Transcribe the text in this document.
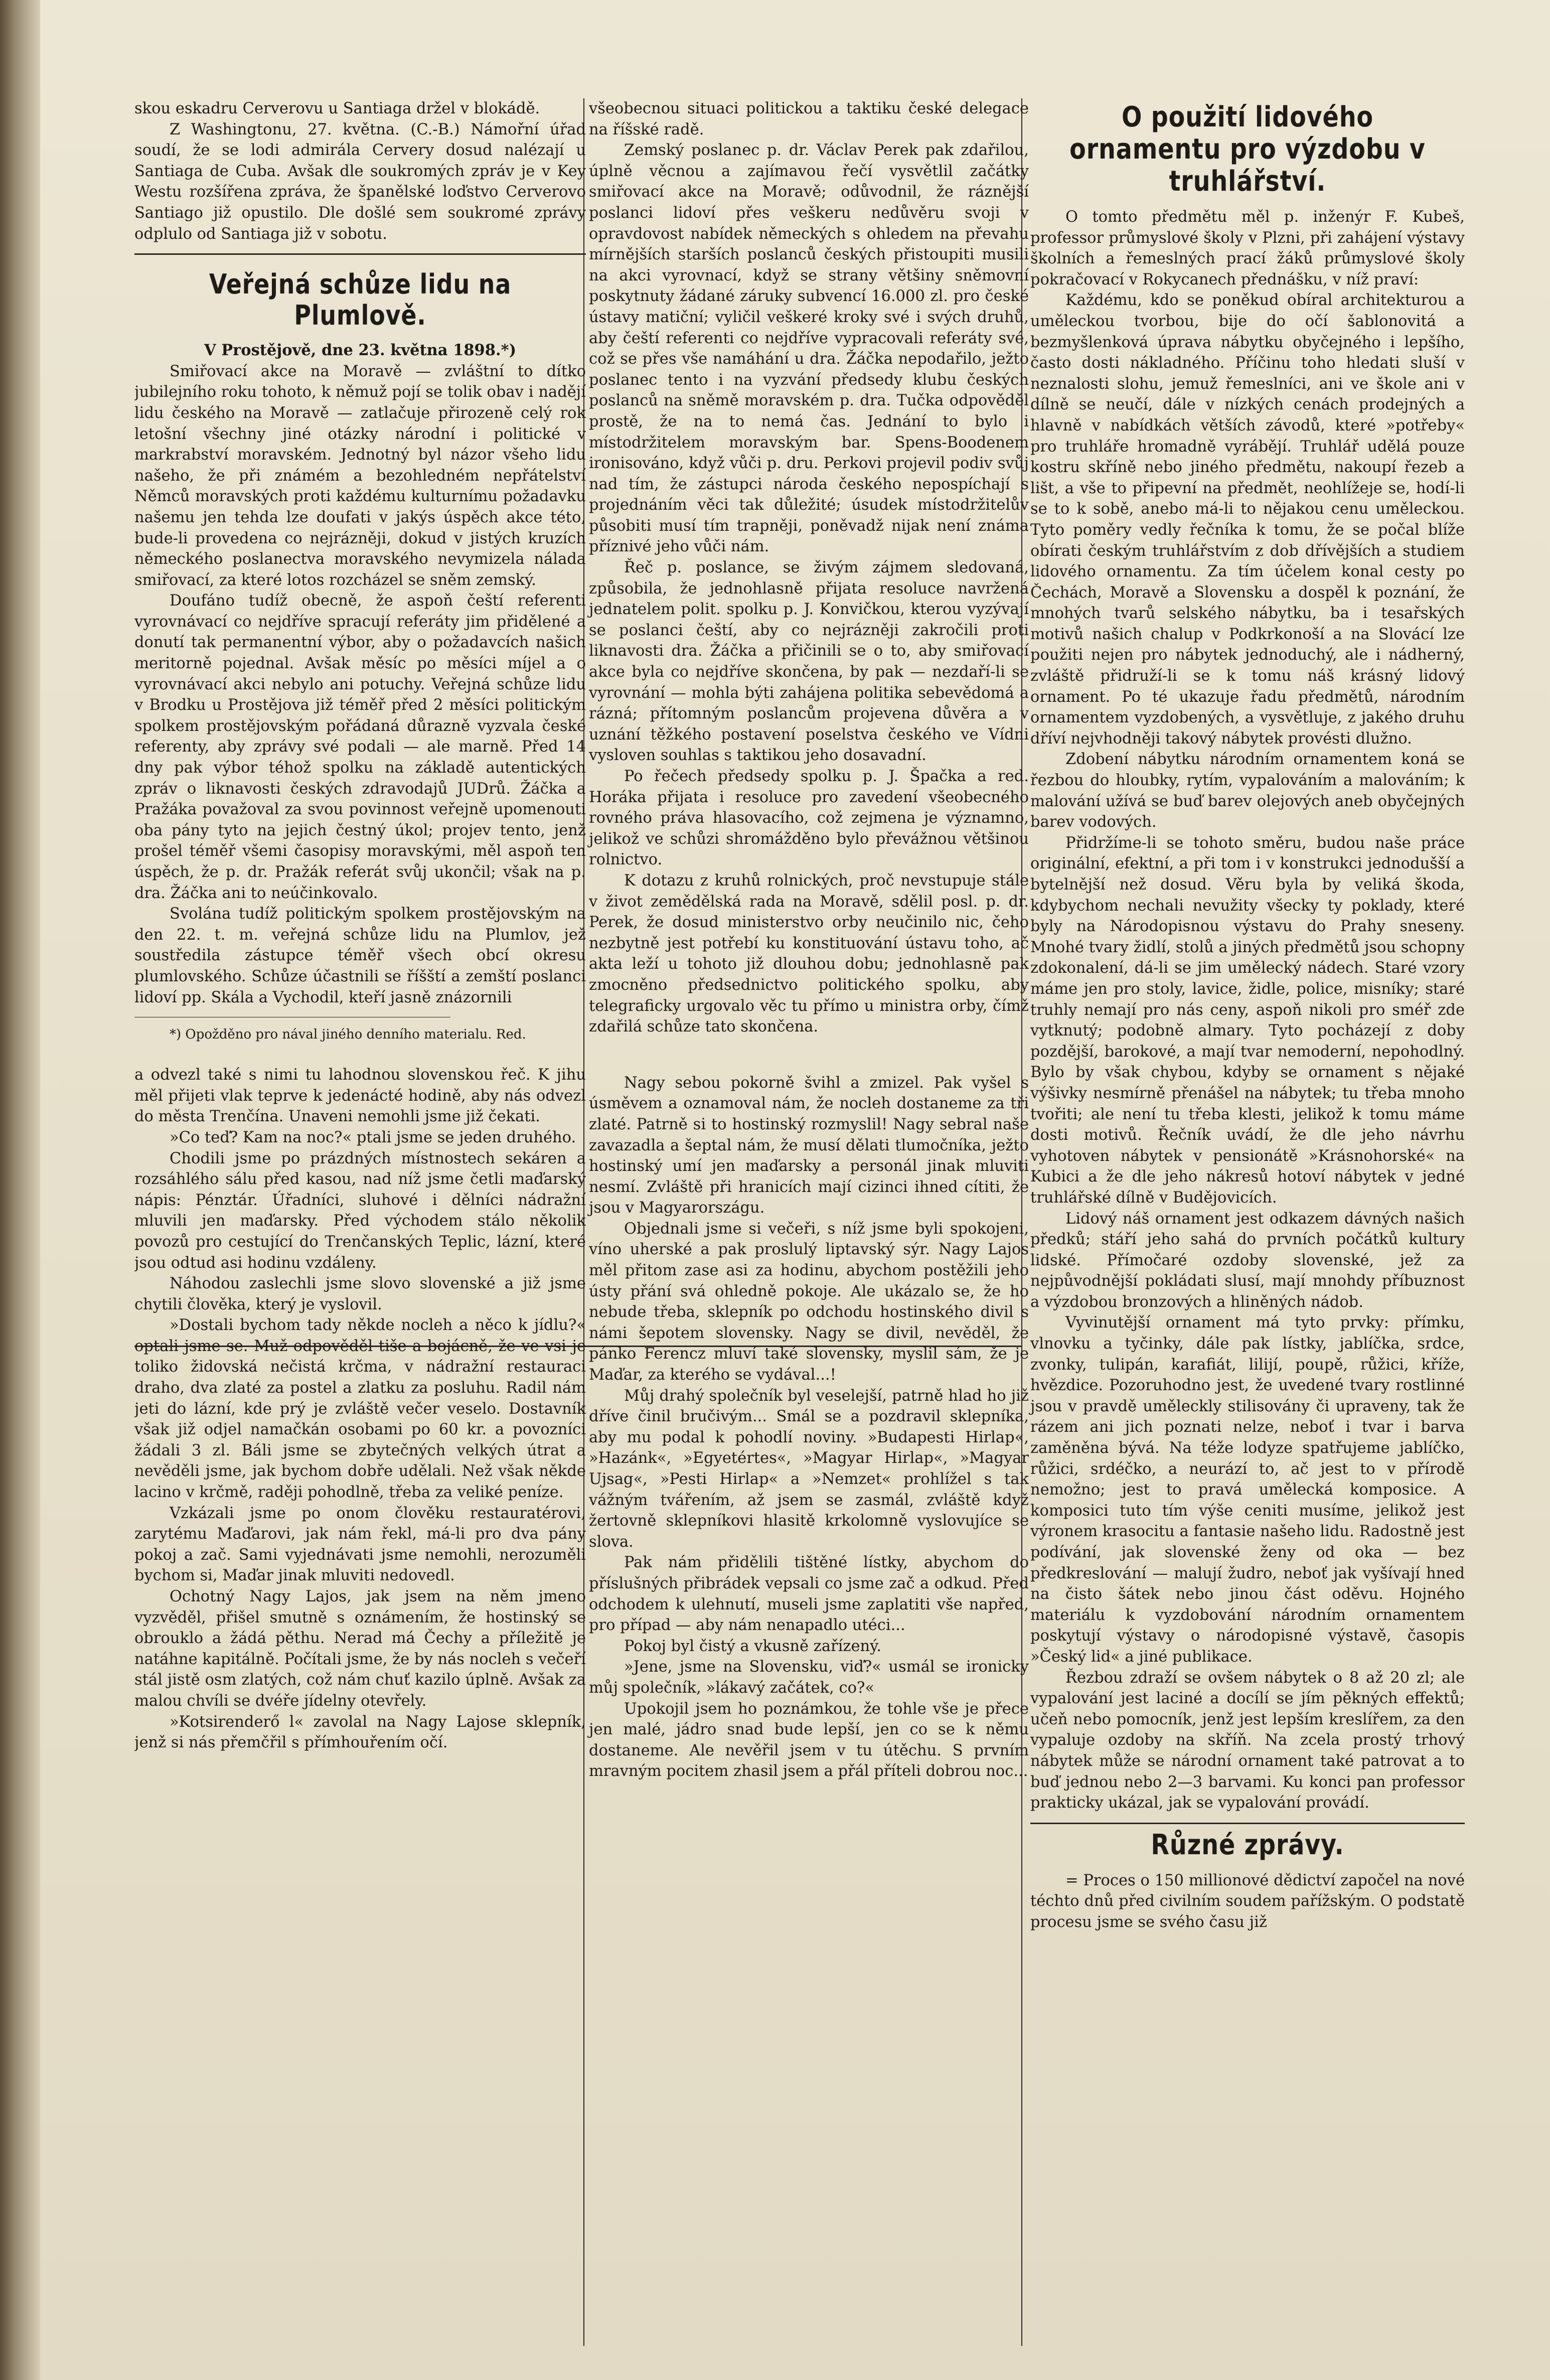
skou eskadru Cerverovu u Santiaga držel v blokádě.

Z Washingtonu, 27. května. (C.-B.) Námořní úřad soudí, že se lodi admirála Cervery dosud nalézají u Santiaga de Cuba. Avšak dle soukromých zpráv je v Key Westu rozšířena zpráva, že španělské loďstvo Cerverovo Santiago již opustilo. Dle došlé sem soukromé zprávy odplulo od Santiaga již v sobotu.

Veřejná schůze lidu na Plumlově.

V Prostějově, dne 23. května 1898.*)

Smiřovací akce na Moravě — zvláštní to dítko jubilejního roku tohoto, k němuž pojí se tolik obav i nadějí lidu českého na Moravě — zatlačuje přirozeně celý rok letošní všechny jiné otázky národní i politické v markrabství moravském. Jednotný byl názor všeho lidu našeho, že při známém a bezohledném nepřátelství Němců moravských proti každému kulturnímu požadavku našemu jen tehda lze doufati v jakýs úspěch akce této, bude-li provedena co nejrázněji, dokud v jistých kruzích německého poslanectva moravského nevymizela nálada smiřovací, za které lotos rozcházel se sněm zemský.

Doufáno tudíž obecně, že aspoň čeští referenti vyrovnávací co nejdříve spracují referáty jim přidělené a donutí tak permanentní výbor, aby o požadavcích našich meritorně pojednal. Avšak měsíc po měsíci míjel a o vyrovnávací akci nebylo ani potuchy. Veřejná schůze lidu v Brodku u Prostějova již téměř před 2 měsíci politickým spolkem prostějovským pořádaná důrazně vyzvala české referenty, aby zprávy své podali — ale marně. Před 14 dny pak výbor téhož spolku na základě autentických zpráv o liknavosti českých zdravodajů JUDrů. Žáčka a Pražáka považoval za svou povinnost veřejně upomenouti oba pány tyto na jejich čestný úkol; projev tento, jenž prošel téměř všemi časopisy moravskými, měl aspoň ten úspěch, že p. dr. Pražák referát svůj ukončil; však na p. dra. Žáčka ani to neúčinkovalo.

Svolána tudíž politickým spolkem prostějovským na den 22. t. m. veřejná schůze lidu na Plumlov, jež soustředila zástupce téměř všech obcí okresu plumlovského. Schůze účastnili se říšští a zemští poslanci lidoví pp. Skála a Vychodil, kteří jasně znázornili

*) Opožděno pro nával jiného denního materialu. Red.

a odvezl také s nimi tu lahodnou slovenskou řeč. K jihu měl přijeti vlak teprve k jedenácté hodině, aby nás odvezl do města Trenčína. Unaveni nemohli jsme již čekati.

»Co teď? Kam na noc?« ptali jsme se jeden druhého.

Chodili jsme po prázdných místnostech sekáren a rozsáhlého sálu před kasou, nad níž jsme četli maďarský nápis: Pénztár. Úřadníci, sluhové i dělníci nádražní mluvili jen maďarsky. Před východem stálo několik povozů pro cestující do Trenčanských Teplic, lázní, které jsou odtud asi hodinu vzdáleny.

Náhodou zaslechli jsme slovo slovenské a již jsme chytili člověka, který je vyslovil.

»Dostali bychom tady někde nocleh a něco k jídlu?« optali jsme se. Muž odpověděl tiše a bojácně, že ve vsi je toliko židovská nečistá krčma, v nádražní restauraci draho, dva zlaté za postel a zlatku za posluhu. Radil nám jeti do lázní, kde prý je zvláště večer veselo. Dostavník však již odjel namačkán osobami po 60 kr. a povozníci žádali 3 zl. Báli jsme se zbytečných velkých útrat a nevěděli jsme, jak bychom dobře udělali. Než však někde lacino v krčmě, raději pohodlně, třeba za veliké peníze.

Vzkázali jsme po onom člověku restauratérovi, zarytému Maďarovi, jak nám řekl, má-li pro dva pány pokoj a zač. Sami vyjednávati jsme nemohli, nerozuměli bychom si, Maďar jinak mluviti nedovedl.

Ochotný Nagy Lajos, jak jsem na něm jmeno vyzvěděl, přišel smutně s oznámením, že hostinský se obrouklo a žádá pěthu. Nerad má Čechy a příležitě je natáhne kapitálně. Počítali jsme, že by nás nocleh s večeří stál jistě osm zlatých, což nám chuť kazilo úplně. Avšak za malou chvíli se dvéře jídelny otevřely.

»Kotsirenderő l« zavolal na Nagy Lajose sklepník, jenž si nás přemčřil s přímhouřením očí.

všeobecnou situaci politickou a taktiku české delegace na říšské radě.

Zemský poslanec p. dr. Václav Perek pak zdařilou, úplně věcnou a zajímavou řečí vysvětlil začátky smiřovací akce na Moravě; odůvodnil, že ráznější poslanci lidoví přes veškeru nedůvěru svoji v opravdovost nabídek německých s ohledem na převahu mírnějších starších poslanců českých přistoupiti musili na akci vyrovnací, když se strany většiny sněmovní poskytnuty žádané záruky subvencí 16.000 zl. pro české ústavy matiční; vyličil veškeré kroky své i svých druhů, aby čeští referenti co nejdříve vypracovali referáty své, což se přes vše namáhání u dra. Žáčka nepodařilo, ježto poslanec tento i na vyzvání předsedy klubu českých poslanců na sněmě moravském p. dra. Tučka odpověděl prostě, že na to nemá čas. Jednání to bylo i místodržitelem moravským bar. Spens-Boodenem ironisováno, když vůči p. dru. Perkovi projevil podiv svůj nad tím, že zástupci národa českého nepospíchají s projednáním věci tak důležité; úsudek místodržitelův působiti musí tím trapněji, poněvadž nijak není známa příznivé jeho vůči nám.

Řeč p. poslance, se živým zájmem sledovaná, způsobila, že jednohlasně přijata resoluce navržená jednatelem polit. spolku p. J. Konvičkou, kterou vyzývají se poslanci čeští, aby co nejrázněji zakročili proti liknavosti dra. Žáčka a přičinili se o to, aby smiřovací akce byla co nejdříve skončena, by pak — nezdaří-li se vyrovnání — mohla býti zahájena politika sebevědomá a rázná; přítomným poslancům projevena důvěra a v uznání těžkého postavení poselstva českého ve Vídni vysloven souhlas s taktikou jeho dosavadní.

Po řečech předsedy spolku p. J. Špačka a red. Horáka přijata i resoluce pro zavedení všeobecného rovného práva hlasovacího, což zejmena je významno, jelikož ve schůzi shromážděno bylo převážnou většinou rolnictvo.

K dotazu z kruhů rolnických, proč nevstupuje stále v život zemědělská rada na Moravě, sdělil posl. p. dr. Perek, že dosud ministerstvo orby neučinilo nic, čeho nezbytně jest potřebí ku konstituování ústavu toho, ač akta leží u tohoto již dlouhou dobu; jednohlasně pak zmocněno předsednictvo politického spolku, aby telegraficky urgovalo věc tu přímo u ministra orby, čímž zdařilá schůze tato skončena.

Nagy sebou pokorně švihl a zmizel. Pak vyšel s úsměvem a oznamoval nám, že nocleh dostaneme za tři zlaté. Patrně si to hostinský rozmyslil! Nagy sebral naše zavazadla a šeptal nám, že musí dělati tlumočníka, ježto hostinský umí jen maďarsky a personál jinak mluviti nesmí. Zvláště při hranicích mají cizinci ihned cítiti, že jsou v Magyarországu.

Objednali jsme si večeři, s níž jsme byli spokojeni, víno uherské a pak proslulý liptavský sýr. Nagy Lajos měl přitom zase asi za hodinu, abychom postěžili jeho ústy přání svá ohledně pokoje. Ale ukázalo se, že ho nebude třeba, sklepník po odchodu hostinského divil s námi šepotem slovensky. Nagy se divil, nevěděl, že pánko Ferencz mluví také slovensky, myslil sám, že je Maďar, za kterého se vydával...!

Můj drahý společník byl veselejší, patrně hlad ho již dříve činil bručivým... Smál se a pozdravil sklepníka, aby mu podal k pohodlí noviny. »Budapesti Hirlap«, »Hazánk«, »Egyetértes«, »Magyar Hirlap«, »Magyar Ujsag«, »Pesti Hirlap« a »Nemzet« prohlížel s tak vážným tvářením, až jsem se zasmál, zvláště když žertovně sklepníkovi hlasitě krkolomně vyslovujíce se slova.

Pak nám přidělili tištěné lístky, abychom do příslušných přibrádek vepsali co jsme zač a odkud. Před odchodem k ulehnutí, museli jsme zaplatiti vše napřed, pro případ — aby nám nenapadlo utéci...

Pokoj byl čistý a vkusně zařízený.

»Jene, jsme na Slovensku, viď?« usmál se ironicky můj společník, »lákavý začátek, co?«

Upokojil jsem ho poznámkou, že tohle vše je přece jen malé, jádro snad bude lepší, jen co se k němu dostaneme. Ale nevěřil jsem v tu útěchu. S prvním mravným pocitem zhasil jsem a přál příteli dobrou noc...

O použití lidového ornamentu pro výzdobu v truhlářství.

O tomto předmětu měl p. inženýr F. Kubeš, professor průmyslové školy v Plzni, při zahájení výstavy školních a řemeslných prací žáků průmyslové školy pokračovací v Rokycanech přednášku, v níž praví:

Každému, kdo se poněkud obíral architekturou a uměleckou tvorbou, bije do očí šablonovitá a bezmyšlenková úprava nábytku obyčejného i lepšího, často dosti nákladného. Příčinu toho hledati sluší v neznalosti slohu, jemuž řemeslníci, ani ve škole ani v dílně se neučí, dále v nízkých cenách prodejných a hlavně v nabídkách větších závodů, které »potřeby« pro truhláře hromadně vyrábějí. Truhlář udělá pouze kostru skříně nebo jiného předmětu, nakoupí řezeb a lišt, a vše to připevní na předmět, neohlížeje se, hodí-li se to k sobě, anebo má-li to nějakou cenu uměleckou. Tyto poměry vedly řečníka k tomu, že se počal blíže obírati českým truhlářstvím z dob dřívějších a studiem lidového ornamentu. Za tím účelem konal cesty po Čechách, Moravě a Slovensku a dospěl k poznání, že mnohých tvarů selského nábytku, ba i tesařských motivů našich chalup v Podkrkonoší a na Slovácí lze použiti nejen pro nábytek jednoduchý, ale i nádherný, zvláště přidruží-li se k tomu náš krásný lidový ornament. Po té ukazuje řadu předmětů, národním ornamentem vyzdobených, a vysvětluje, z jakého druhu dříví nejvhodněji takový nábytek provésti dlužno.

Zdobení nábytku národním ornamentem koná se řezbou do hloubky, rytím, vypalováním a malováním; k malování užívá se buď barev olejových aneb obyčejných barev vodových.

Přidržíme-li se tohoto směru, budou naše práce originální, efektní, a při tom i v konstrukci jednodušší a bytelnější než dosud. Věru byla by veliká škoda, kdybychom nechali nevužity všecky ty poklady, které byly na Národopisnou výstavu do Prahy sneseny. Mnohé tvary židlí, stolů a jiných předmětů jsou schopny zdokonalení, dá-li se jim umělecký nádech. Staré vzory máme jen pro stoly, lavice, židle, police, misníky; staré truhly nemají pro nás ceny, aspoň nikoli pro sméř zde vytknutý; podobně almary. Tyto pocházejí z doby pozdější, barokové, a mají tvar nemoderní, nepohodlný. Bylo by však chybou, kdyby se ornament s nějaké výšivky nesmírně přenášel na nábytek; tu třeba mnoho tvořiti; ale není tu třeba klesti, jelikož k tomu máme dosti motivů. Řečník uvádí, že dle jeho návrhu vyhotoven nábytek v pensionátě »Krásnohorské« na Kubici a že dle jeho nákresů hotoví nábytek v jedné truhlářské dílně v Budějovicích.

Lidový náš ornament jest odkazem dávných našich předků; stáří jeho sahá do prvních počátků kultury lidské. Přímočaré ozdoby slovenské, jež za nejpůvodnější pokládati slusí, mají mnohdy příbuznost a výzdobou bronzových a hliněných nádob.

Vyvinutější ornament má tyto prvky: přímku, vlnovku a tyčinky, dále pak lístky, jablíčka, srdce, zvonky, tulipán, karafiát, lilijí, poupě, růžici, kříže, hvězdice. Pozoruhodno jest, že uvedené tvary rostlinné jsou v pravdě uměleckly stilisovány či upraveny, tak že rázem ani jich poznati nelze, neboť i tvar i barva zaměněna bývá. Na téže lodyze spatřujeme jablíčko, růžici, srdéčko, a neurází to, ač jest to v přírodě nemožno; jest to pravá umělecká komposice. A komposici tuto tím výše ceniti musíme, jelikož jest výronem krasocitu a fantasie našeho lidu. Radostně jest podívání, jak slovenské ženy od oka — bez předkreslování — malují žudro, neboť jak vyšívají hned na čisto šátek nebo jinou část oděvu. Hojného materiálu k vyzdobování národním ornamentem poskytují výstavy o národopisné výstavě, časopis »Český lid« a jiné publikace.

Řezbou zdraží se ovšem nábytek o 8 až 20 zl; ale vypalování jest laciné a docílí se jím pěkných effektů; učeň nebo pomocník, jenž jest lepším kreslířem, za den vypaluje ozdoby na skříň. Na zcela prostý trhový nábytek může se národní ornament také patrovat a to buď jednou nebo 2—3 barvami. Ku konci pan professor prakticky ukázal, jak se vypalování provádí.

Různé zprávy.

= Proces o 150 millionové dědictví započel na nové téchto dnů před civilním soudem pařížským. O podstatě procesu jsme se svého času již
